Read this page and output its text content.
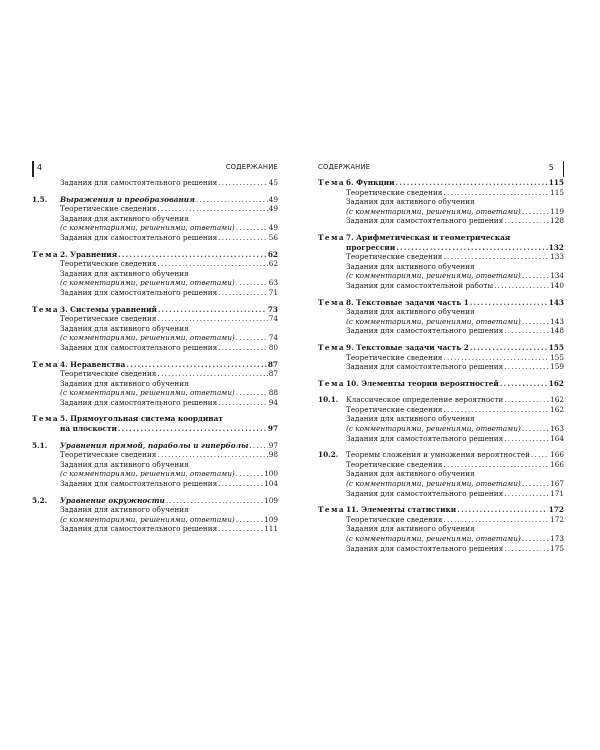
4	СОДЕРЖАНИЕ
Задания для самостоятельного решения .....	45
1.5.	Выражения и преобразования .....	49
Теоретические сведения .....	49
Задания для активного обучения
(с комментариями, решениями, ответами) .....	49
Задания для самостоятельного решения .....	56
Тема 2. Уравнения .....	62
Теоретические сведения .....	62
Задания для активного обучения
(с комментариями, решениями, ответами) .....	63
Задания для самостоятельного решения .....	71
Тема 3. Системы уравнений .....	73
Теоретические сведения .....	74
Задания для активного обучения
(с комментариями, решениями, ответами) .....	74
Задания для самостоятельного решения .....	80
Тема 4. Неравенства .....	87
Теоретические сведения .....	87
Задания для активного обучения
(с комментариями, решениями, ответами) .....	88
Задания для самостоятельного решения .....	94
Тема 5. Прямоугольная система координат
на плоскости .....	97
5.1.	Уравнения прямой, параболы и гиперболы .....	97
Теоретические сведения .....	98
Задания для активного обучения
(с комментариями, решениями, ответами) .....	100
Задания для самостоятельного решения .....	104
5.2.	Уравнение окружности .....	109
Задания для активного обучения
(с комментариями, решениями, ответами) .....	109
Задания для самостоятельного решения .....	111
СОДЕРЖАНИЕ	5
Тема 6. Функции .....	115
Теоретические сведения .....	115
Задания для активного обучения
(с комментариями, решениями, ответами) .....	119
Задания для самостоятельного решения .....	128
Тема 7. Арифметическая и геометрическая
прогрессии .....	132
Теоретические сведения .....	133
Задания для активного обучения
(с комментариями, решениями, ответами) .....	134
Задания для самостоятельной работы .....	140
Тема 8. Текстовые задачи часть 1 .....	143
Задания для активного обучения
(с комментариями, решениями, ответами) .....	143
Задания для самостоятельного решения .....	148
Тема 9. Текстовые задачи часть 2 .....	155
Теоретические сведения .....	155
Задания для самостоятельного решения .....	159
Тема 10. Элементы теории вероятностей .....	162
10.1.	Классическое определение вероятности .....	162
Теоретические сведения .....	162
Задания для активного обучения
(с комментариями, решениями, ответами) .....	163
Задания для самостоятельного решения .....	164
10.2.	Теоремы сложения и умножения вероятностей .....	166
Теоретические сведения .....	166
Задания для активного обучения
(с комментариями, решениями, ответами) .....	167
Задания для самостоятельного решения .....	171
Тема 11. Элементы статистики .....	172
Теоретические сведения .....	172
Задания для активного обучения
(с комментариями, решениями, ответами) .....	173
Задания для самостоятельного решения .....	175
